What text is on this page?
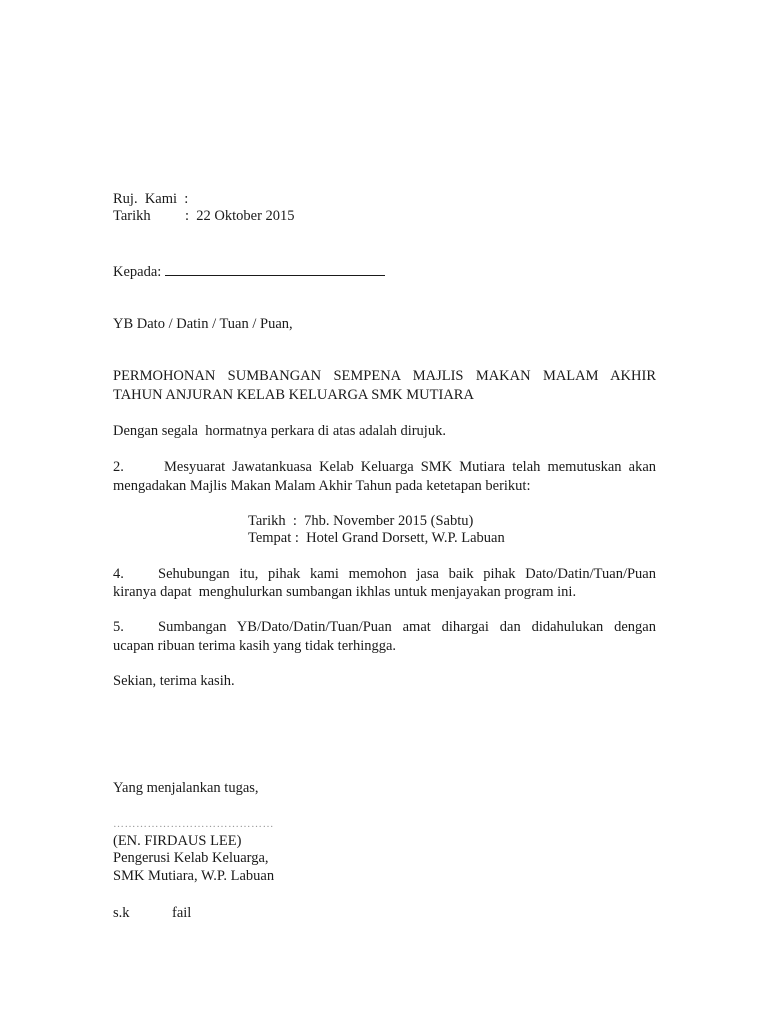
Ruj.  Kami  :
Tarikh :  22 Oktober 2015
Kepada:
YB Dato / Datin / Tuan / Puan,
PERMOHONAN SUMBANGAN SEMPENA MAJLIS MAKAN MALAM AKHIR
TAHUN ANJURAN KELAB KELUARGA SMK MUTIARA
Dengan segala  hormatnya perkara di atas adalah dirujuk.
2.	Mesyuarat Jawatankuasa Kelab Keluarga SMK Mutiara telah memutuskan akan
mengadakan Majlis Makan Malam Akhir Tahun pada ketetapan berikut:
Tarikh  :  7hb. November 2015 (Sabtu)
Tempat :  Hotel Grand Dorsett, W.P. Labuan
4. Sehubungan itu, pihak kami memohon jasa baik pihak Dato/Datin/Tuan/Puan
kiranya dapat  menghulurkan sumbangan ikhlas untuk menjayakan program ini.
5. Sumbangan YB/Dato/Datin/Tuan/Puan amat dihargai dan didahulukan dengan
ucapan ribuan terima kasih yang tidak terhingga.
Sekian, terima kasih.
Yang menjalankan tugas,
……………………………………
(EN. FIRDAUS LEE)
Pengerusi Kelab Keluarga,
SMK Mutiara, W.P. Labuan
s.k	fail
